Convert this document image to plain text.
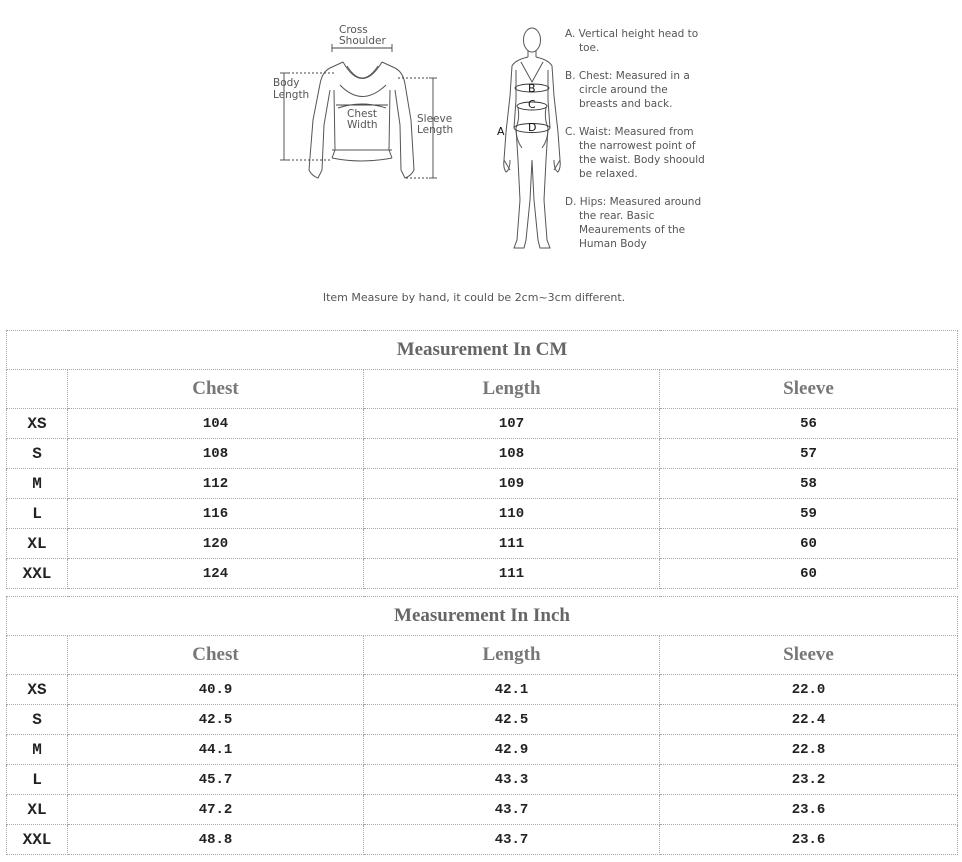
Cross
Shoulder
Body
Length
Chest
Width	Sleeve
Length	A
B
C
D
A. Vertical height head to toe.
B. Chest: Measured in a circle around the breasts and back.
C. Waist: Measured from the narrowest point of the waist. Body shoould be relaxed.
D. Hips: Measured around the rear. Basic Meaurements of the Human Body
Item Measure by hand, it could be 2cm~3cm different.
Measurement In CM			
	Chest	Length	Sleeve
XS	104	107	56
S	108	108	57
M	112	109	58
L	116	110	59
XL	120	111	60
XXL	124	111	60
Measurement In Inch			
	Chest	Length	Sleeve
XS	40.9	42.1	22.0
S	42.5	42.5	22.4
M	44.1	42.9	22.8
L	45.7	43.3	23.2
XL	47.2	43.7	23.6
XXL	48.8	43.7	23.6
